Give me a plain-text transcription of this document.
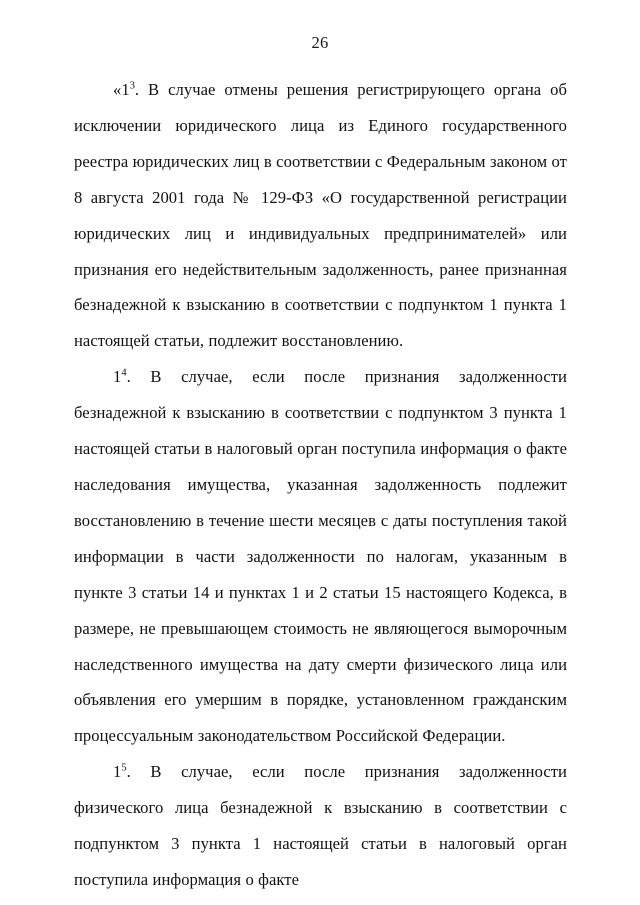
26

«$1^3$. В случае отмены решения регистрирующего органа об исключении юридического лица из Единого государственного реестра юридических лиц в соответствии с Федеральным законом от 8 августа 2001 года № 129-ФЗ «О государственной регистрации юридических лиц и индивидуальных предпринимателей» или признания его недействительным задолженность, ранее признанная безнадежной к взысканию в соответствии с подпунктом 1 пункта 1 настоящей статьи, подлежит восстановлению.

$1^4$. В случае, если после признания задолженности безнадежной к взысканию в соответствии с подпунктом 3 пункта 1 настоящей статьи в налоговый орган поступила информация о факте наследования имущества, указанная задолженность подлежит восстановлению в течение шести месяцев с даты поступления такой информации в части задолженности по налогам, указанным в пункте 3 статьи 14 и пунктах 1 и 2 статьи 15 настоящего Кодекса, в размере, не превышающем стоимость не являющегося выморочным наследственного имущества на дату смерти физического лица или объявления его умершим в порядке, установленном гражданским процессуальным законодательством Российской Федерации.

$1^5$. В случае, если после признания задолженности физического лица безнадежной к взысканию в соответствии с подпунктом 3 пункта 1 настоящей статьи в налоговый орган поступила информация о факте
